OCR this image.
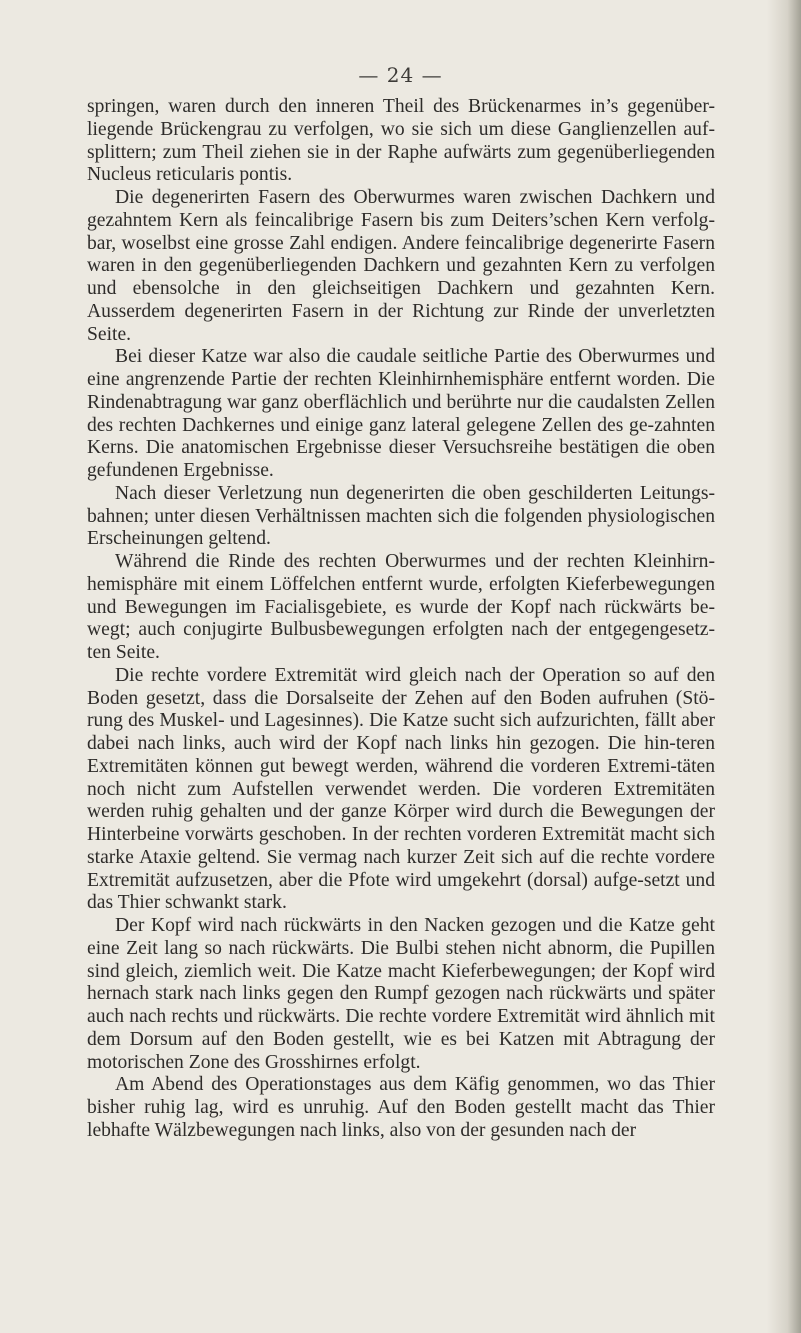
— 24 —

springen, waren durch den inneren Theil des Brückenarmes in’s gegenüber-liegende Brückengrau zu verfolgen, wo sie sich um diese Ganglienzellen auf-splittern; zum Theil ziehen sie in der Raphe aufwärts zum gegenüberliegenden Nucleus reticularis pontis.

Die degenerirten Fasern des Oberwurmes waren zwischen Dachkern und gezahntem Kern als feincalibrige Fasern bis zum Deiters’schen Kern verfolg-bar, woselbst eine grosse Zahl endigen. Andere feincalibrige degenerirte Fasern waren in den gegenüberliegenden Dachkern und gezahnten Kern zu verfolgen und ebensolche in den gleichseitigen Dachkern und gezahnten Kern. Ausserdem degenerirten Fasern in der Richtung zur Rinde der unverletzten Seite.

Bei dieser Katze war also die caudale seitliche Partie des Oberwurmes und eine angrenzende Partie der rechten Kleinhirnhemisphäre entfernt worden. Die Rindenabtragung war ganz oberflächlich und berührte nur die caudalsten Zellen des rechten Dachkernes und einige ganz lateral gelegene Zellen des ge-zahnten Kerns. Die anatomischen Ergebnisse dieser Versuchsreihe bestätigen die oben gefundenen Ergebnisse.

Nach dieser Verletzung nun degenerirten die oben geschilderten Leitungs-bahnen; unter diesen Verhältnissen machten sich die folgenden physiologischen Erscheinungen geltend.

Während die Rinde des rechten Oberwurmes und der rechten Kleinhirn-hemisphäre mit einem Löffelchen entfernt wurde, erfolgten Kieferbewegungen und Bewegungen im Facialisgebiete, es wurde der Kopf nach rückwärts be-wegt; auch conjugirte Bulbusbewegungen erfolgten nach der entgegengesetz-ten Seite.

Die rechte vordere Extremität wird gleich nach der Operation so auf den Boden gesetzt, dass die Dorsalseite der Zehen auf den Boden aufruhen (Stö-rung des Muskel- und Lagesinnes). Die Katze sucht sich aufzurichten, fällt aber dabei nach links, auch wird der Kopf nach links hin gezogen. Die hin-teren Extremitäten können gut bewegt werden, während die vorderen Extremi-täten noch nicht zum Aufstellen verwendet werden. Die vorderen Extremitäten werden ruhig gehalten und der ganze Körper wird durch die Bewegungen der Hinterbeine vorwärts geschoben. In der rechten vorderen Extremität macht sich starke Ataxie geltend. Sie vermag nach kurzer Zeit sich auf die rechte vordere Extremität aufzusetzen, aber die Pfote wird umgekehrt (dorsal) aufge-setzt und das Thier schwankt stark.

Der Kopf wird nach rückwärts in den Nacken gezogen und die Katze geht eine Zeit lang so nach rückwärts. Die Bulbi stehen nicht abnorm, die Pupillen sind gleich, ziemlich weit. Die Katze macht Kieferbewegungen; der Kopf wird hernach stark nach links gegen den Rumpf gezogen nach rückwärts und später auch nach rechts und rückwärts. Die rechte vordere Extremität wird ähnlich mit dem Dorsum auf den Boden gestellt, wie es bei Katzen mit Abtragung der motorischen Zone des Grosshirnes erfolgt.

Am Abend des Operationstages aus dem Käfig genommen, wo das Thier bisher ruhig lag, wird es unruhig. Auf den Boden gestellt macht das Thier lebhafte Wälzbewegungen nach links, also von der gesunden nach der
